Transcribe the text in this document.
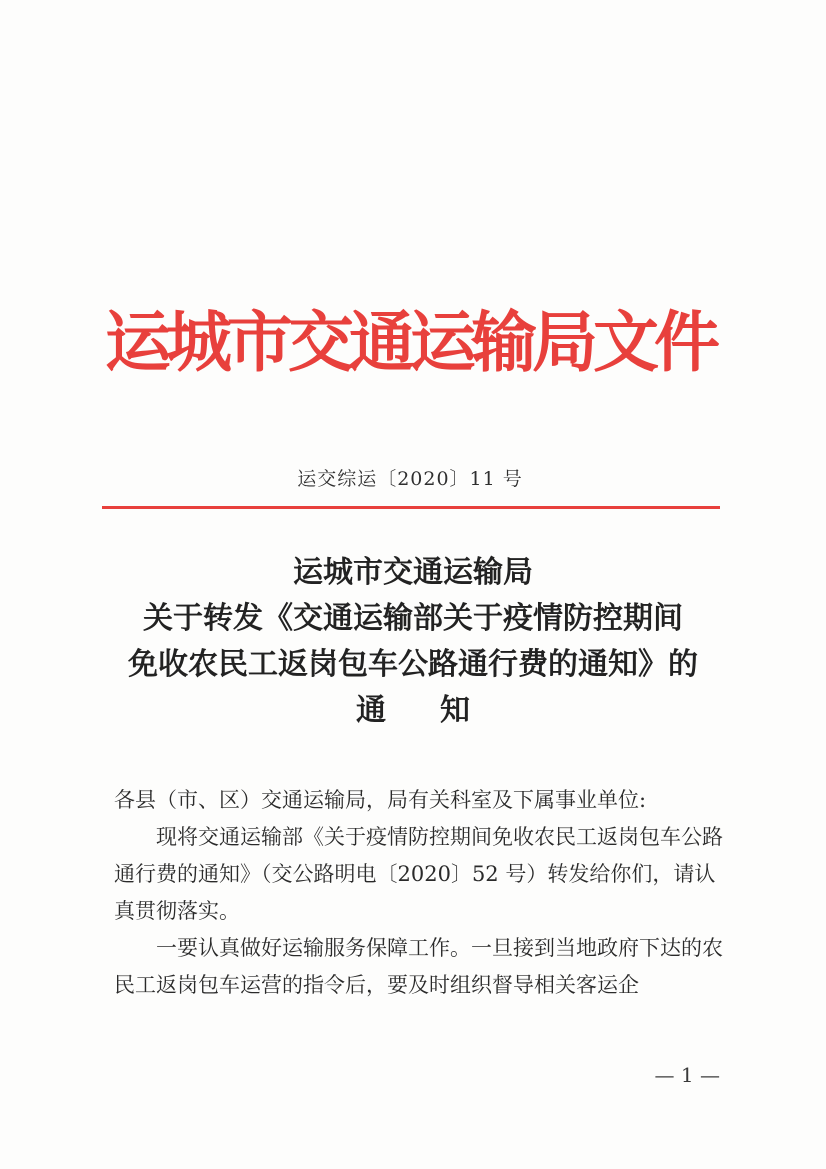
运城市交通运输局文件
运交综运〔2020〕11 号
运城市交通运输局
关于转发《交通运输部关于疫情防控期间
免收农民工返岗包车公路通行费的通知》的
通知

各县（市、区）交通运输局，局有关科室及下属事业单位:

现将交通运输部《关于疫情防控期间免收农民工返岗包车公路通行费的通知》（交公路明电〔2020〕52 号）转发给你们，请认真贯彻落实。

一要认真做好运输服务保障工作。一旦接到当地政府下达的农民工返岗包车运营的指令后，要及时组织督导相关客运企

— 1 —
